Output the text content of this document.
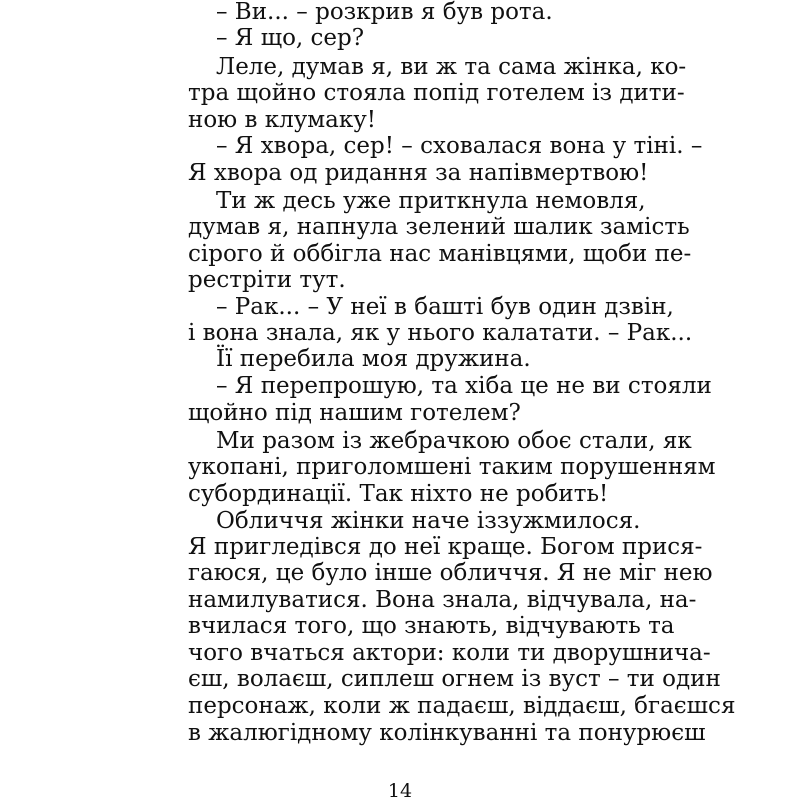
– Ви... – розкрив я був рота.
– Я що, сер?
Леле, думав я, ви ж та сама жінка, ко-
тра щойно стояла попід готелем із дити-
ною в клумаку!
– Я хвора, сер! – сховалася вона у тіні. –
Я хвора од ридання за напівмертвою!
Ти ж десь уже приткнула немовля,
думав я, напнула зелений шалик замість
сірого й оббігла нас манівцями, щоби пе-
рестріти тут.
– Рак... – У неї в башті був один дзвін,
і вона знала, як у нього калатати. – Рак...
Її перебила моя дружина.
– Я перепрошую, та хіба це не ви стояли
щойно під нашим готелем?
Ми разом із жебрачкою обоє стали, як
укопані, приголомшені таким порушенням
субординації. Так ніхто не робить!
Обличчя жінки наче іззужмилося.
Я пригледівся до неї краще. Богом прися-
гаюся, це було інше обличчя. Я не міг нею
намилуватися. Вона знала, відчувала, на-
вчилася того, що знають, відчувають та
чого вчаться актори: коли ти дворушнича-
єш, волаєш, сиплеш огнем із вуст – ти один
персонаж, коли ж падаєш, віддаєш, бгаєшся
в жалюгідному колінкуванні та понурюєш
14
